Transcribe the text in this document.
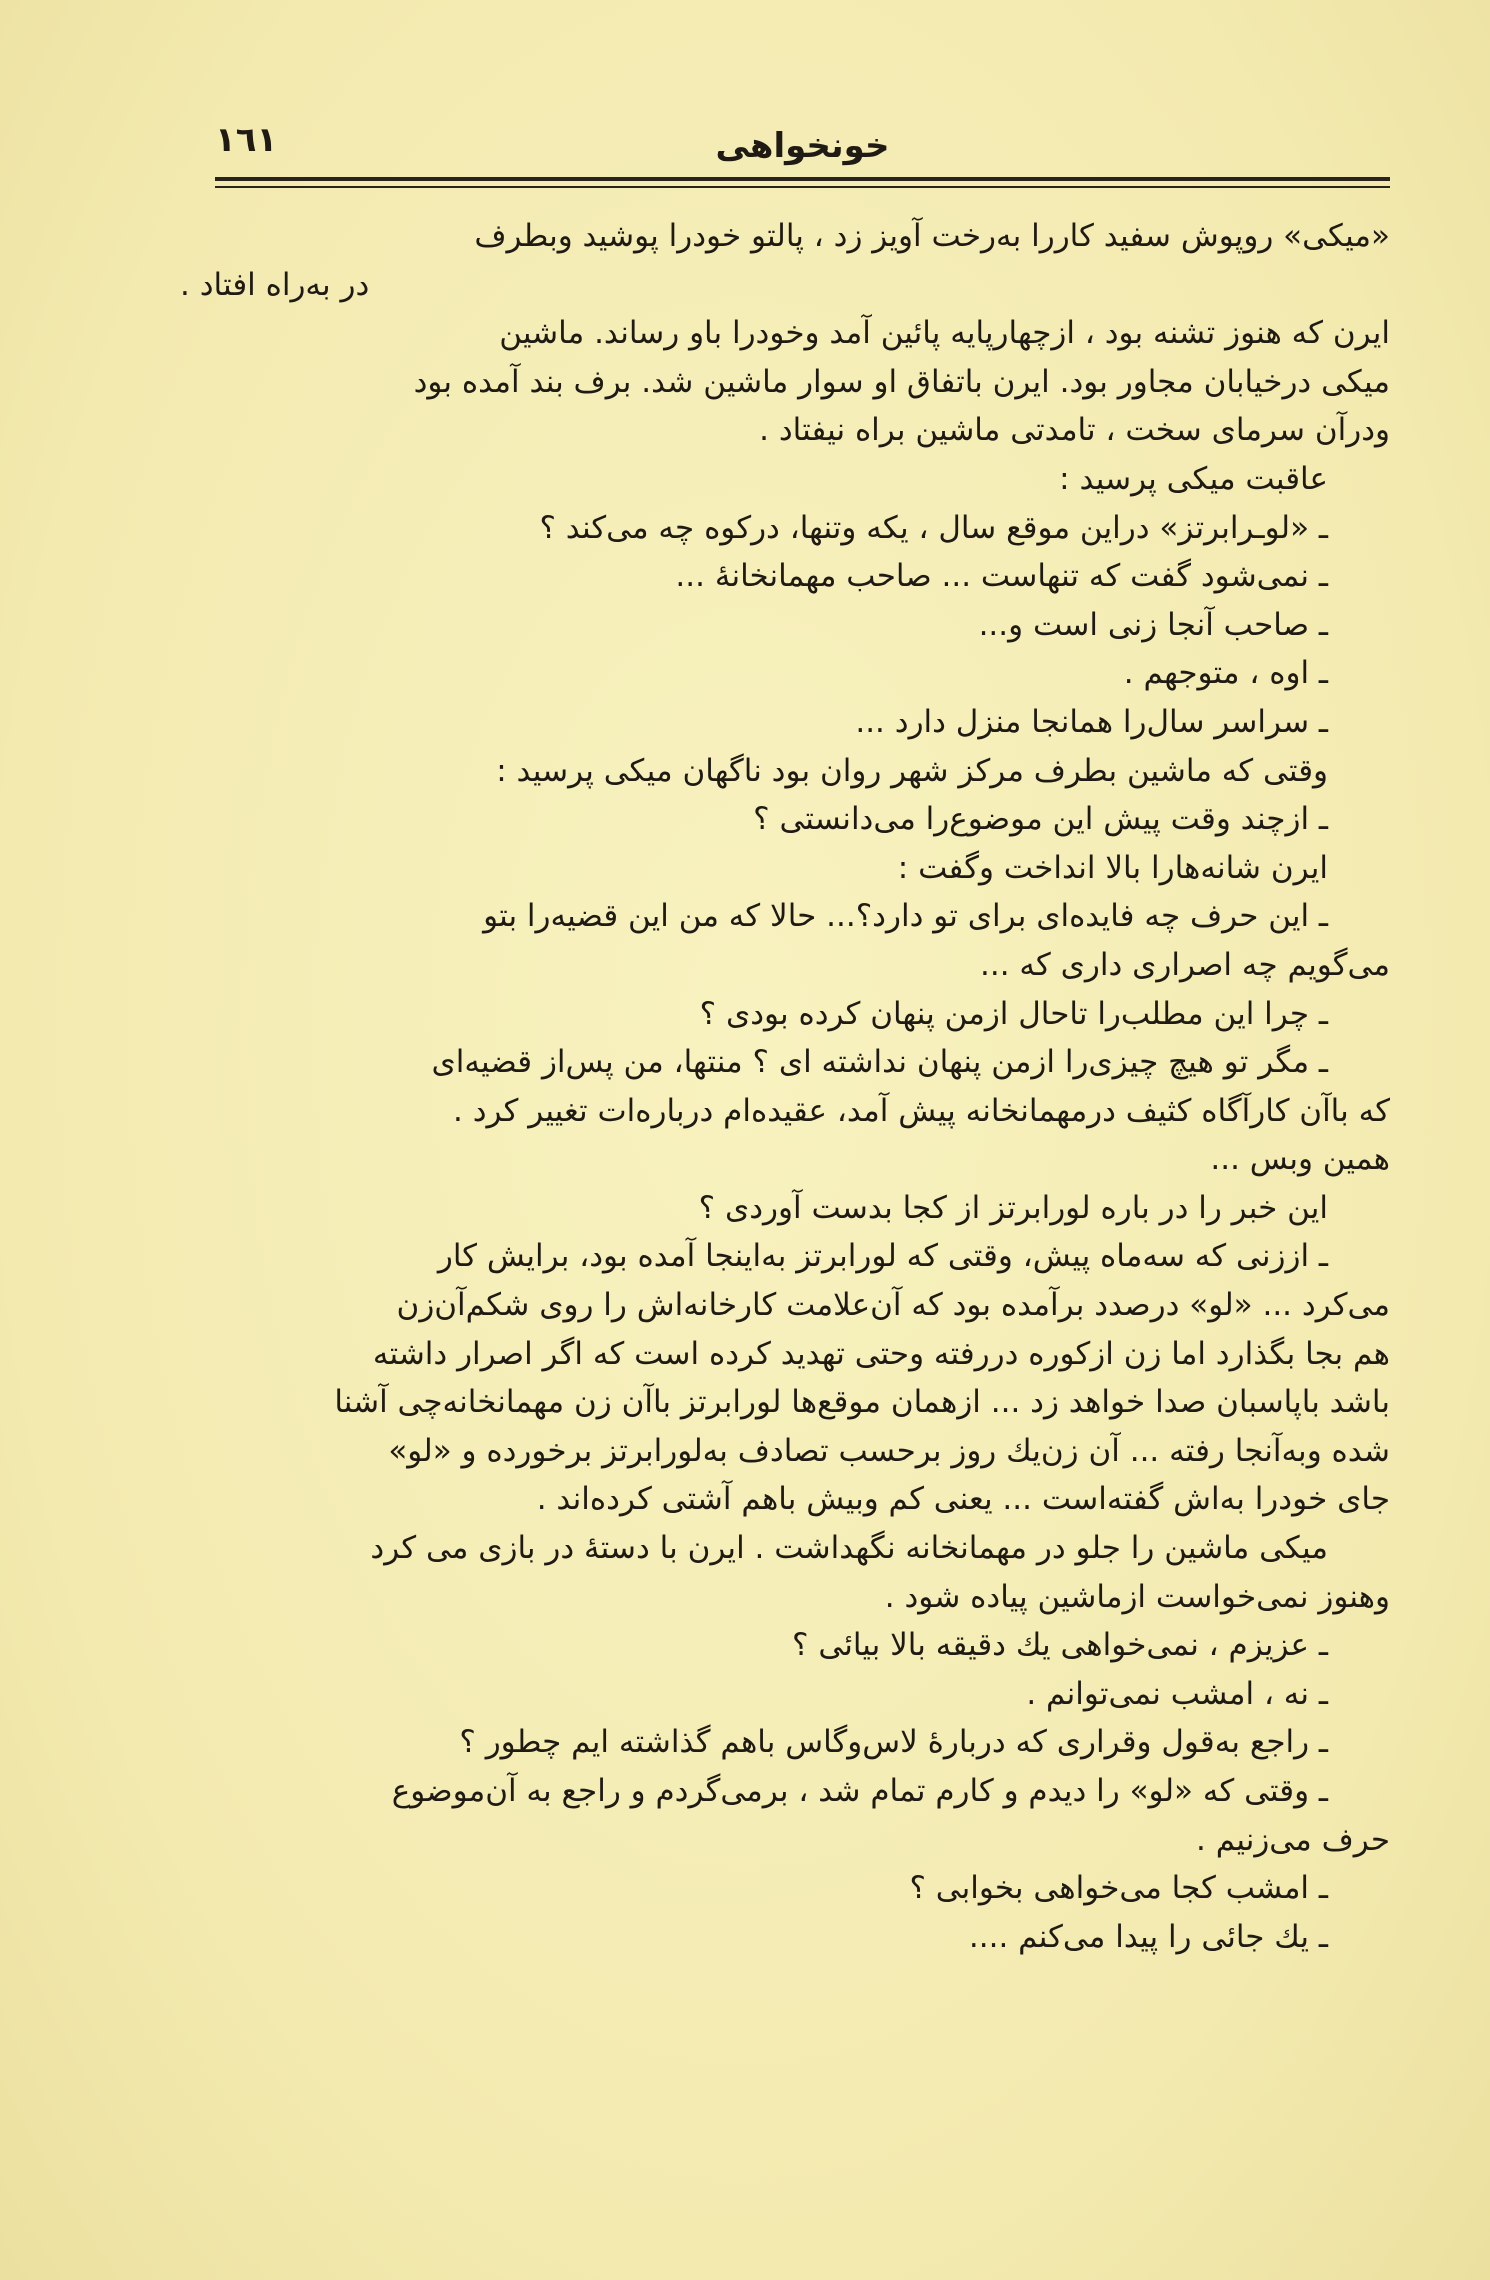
١٦١	خونخواهی
«میکی» روپوش سفید کاررا بەرخت آویز زد ، پالتو خودرا پوشید وبطرف
در بەراه افتاد .
ایرن که هنوز تشنه بود ، ازچهارپایه پائین آمد وخودرا باو رساند. ماشین
میکی درخیابان مجاور بود. ایرن باتفاق او سوار ماشین شد. برف بند آمده بود
ودرآن سرمای سخت ، تامدتی ماشین براه نیفتاد .
عاقبت میکی پرسید :
ـ «لو‌ـرابرتز» دراین موقع سال ، یکه وتنها، درکوه چه می‌کند ؟
ـ نمی‌شود گفت که تنهاست ... صاحب مهمانخانهٔ ...
ـ صاحب آنجا زنی است و...
ـ اوه ، متوجهم .
ـ سراسر سال‌را همانجا منزل دارد ...
وقتی که ماشین بطرف مرکز شهر روان بود ناگهان میکی پرسید :
ـ ازچند وقت پیش این موضوع‌را می‌دانستی ؟
ایرن شانه‌هارا بالا انداخت وگفت :
ـ این حرف چه فایده‌ای برای تو دارد؟... حالا که من این قضیه‌را بتو
می‌گویم چه اصراری داری که ...
ـ چرا این مطلب‌را تاحال ازمن پنهان کرده بودی ؟
ـ مگر تو هیچ چیزی‌را ازمن پنهان نداشته ای ؟ منتها، من پس‌از قضیه‌ای
که باآن کارآگاه کثیف درمهمانخانه پیش آمد، عقیده‌ام دربارە‌ات تغییر کرد .
همین وبس ...
این خبر را در باره لورابرتز از کجا بدست آوردی ؟
ـ اززنی که سه‌ماه پیش، وقتی که لورابرتز به‌اینجا آمده بود، برایش کار
می‌کرد ... «لو» درصدد برآمده بود که آن‌علامت کارخانه‌اش را روی شکم‌آن‌زن
هم بجا بگذارد اما زن ازکوره دررفته وحتی تهدید کرده است که اگر اصرار داشته
باشد باپاسبان صدا خواهد زد ... ازهمان موقع‌ها لورابرتز باآن زن مهمانخانه‌چی آشنا
شده وبه‌آنجا رفته ... آن زن‌یك روز برحسب تصادف به‌لورابرتز برخورده و «لو»
جای خودرا بەاش گفته‌است ... یعنی کم وبیش باهم آشتی کرده‌اند .
میکی ماشین را جلو در مهمانخانه نگهداشت . ایرن با دستهٔ در بازی می کرد
وهنوز نمی‌خواست ازماشین پیاده شود .
ـ عزیزم ، نمی‌خواهی یك دقیقه بالا بیائی ؟
ـ نه ، امشب نمی‌توانم .
ـ راجع به‌قول وقراری که دربارهٔ لاس‌وگاس باهم گذاشته ایم چطور ؟
ـ وقتی که «لو» را دیدم و کارم تمام شد ، برمی‌گردم و راجع به آن‌موضوع
حرف می‌زنیم .
ـ امشب کجا می‌خواهی بخوابی ؟
ـ یك جائی را پیدا می‌کنم ....
